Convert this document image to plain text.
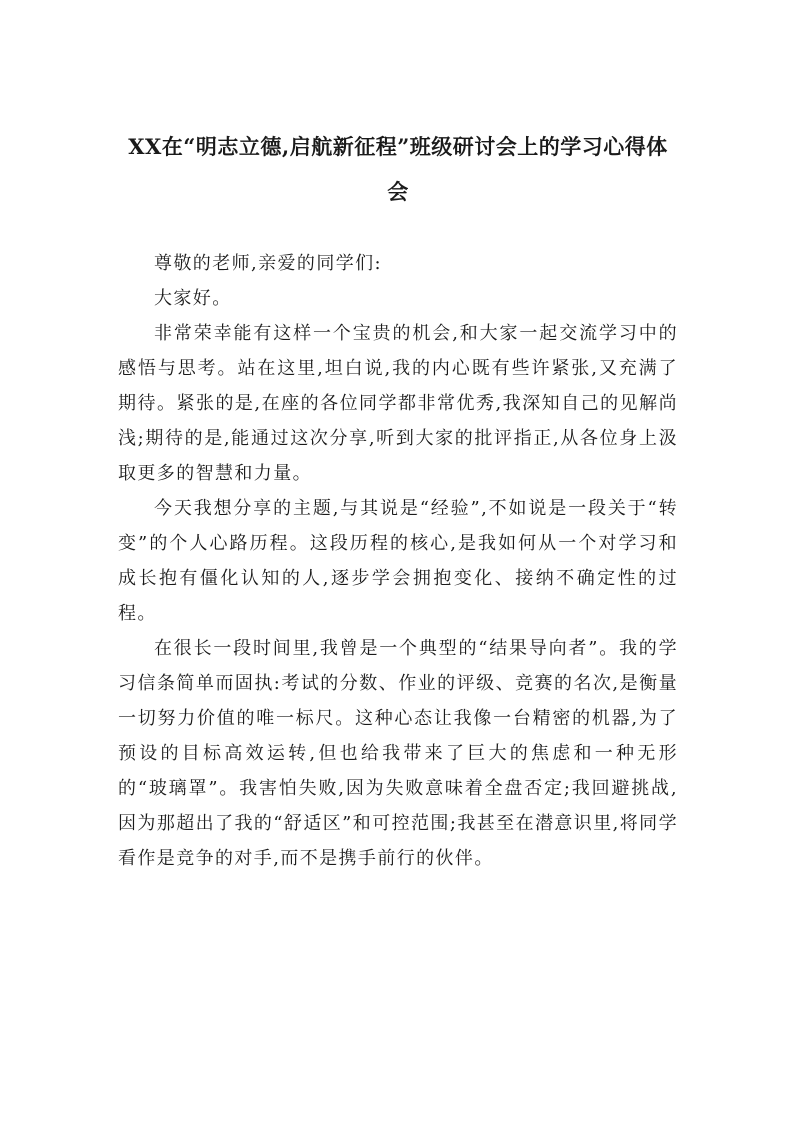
XX在“明志立德,启航新征程”班级研讨会上的学习心得体会

尊敬的老师,亲爱的同学们:

大家好。

非常荣幸能有这样一个宝贵的机会,和大家一起交流学习中的感悟与思考。站在这里,坦白说,我的内心既有些许紧张,又充满了期待。紧张的是,在座的各位同学都非常优秀,我深知自己的见解尚浅;期待的是,能通过这次分享,听到大家的批评指正,从各位身上汲取更多的智慧和力量。

今天我想分享的主题,与其说是“经验”,不如说是一段关于“转变”的个人心路历程。这段历程的核心,是我如何从一个对学习和成长抱有僵化认知的人,逐步学会拥抱变化、接纳不确定性的过程。

在很长一段时间里,我曾是一个典型的“结果导向者”。我的学习信条简单而固执:考试的分数、作业的评级、竞赛的名次,是衡量一切努力价值的唯一标尺。这种心态让我像一台精密的机器,为了预设的目标高效运转,但也给我带来了巨大的焦虑和一种无形的“玻璃罩”。我害怕失败,因为失败意味着全盘否定;我回避挑战,因为那超出了我的“舒适区”和可控范围;我甚至在潜意识里,将同学看作是竞争的对手,而不是携手前行的伙伴。
